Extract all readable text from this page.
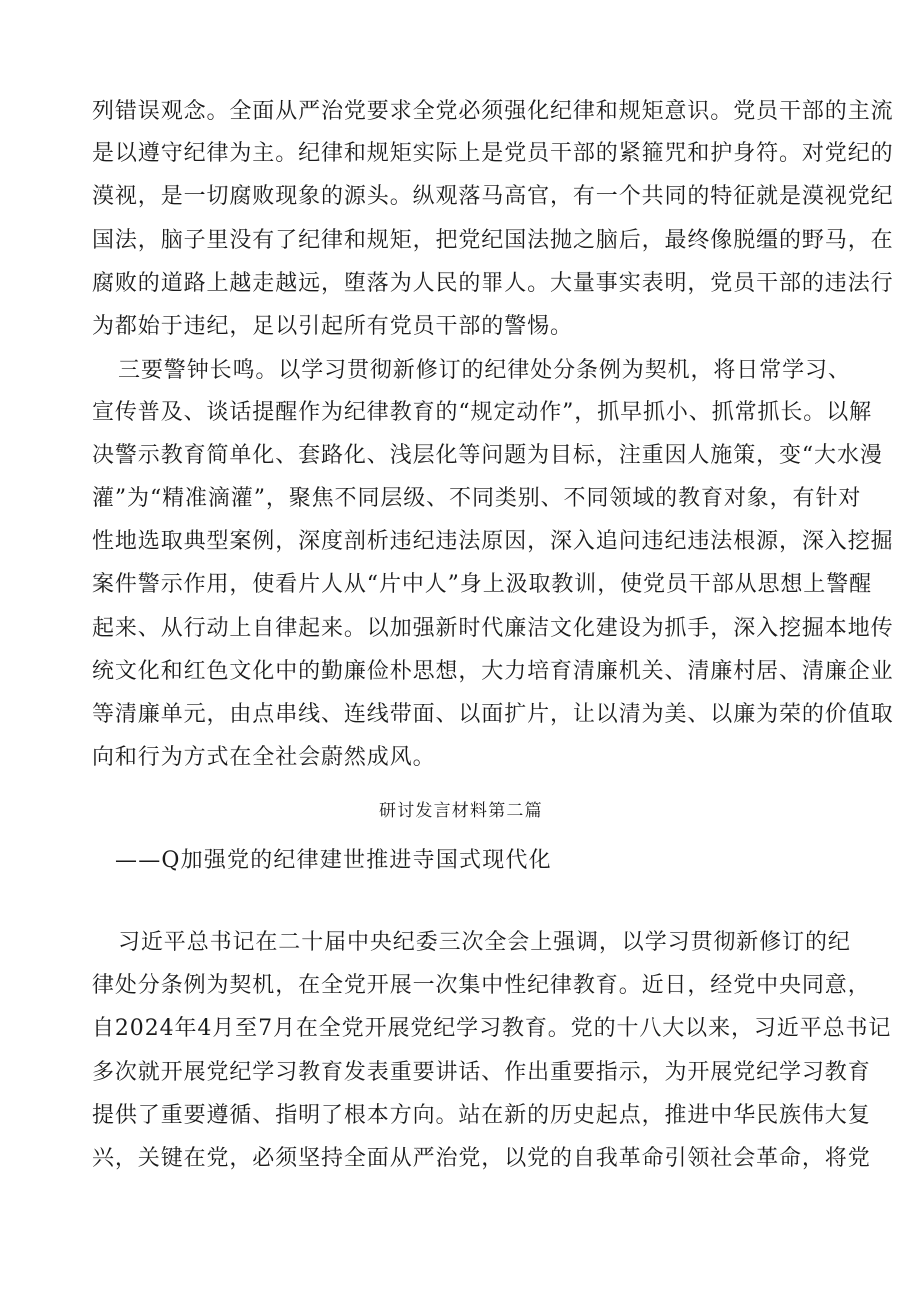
列错误观念。全面从严治党要求全党必须强化纪律和规矩意识。党员干部的主流
是以遵守纪律为主。纪律和规矩实际上是党员干部的紧箍咒和护身符。对党纪的
漠视，是一切腐败现象的源头。纵观落马高官，有一个共同的特征就是漠视党纪
国法，脑子里没有了纪律和规矩，把党纪国法抛之脑后，最终像脱缰的野马，在
腐败的道路上越走越远，堕落为人民的罪人。大量事实表明，党员干部的违法行
为都始于违纪，足以引起所有党员干部的警惕。
三要警钟长鸣。以学习贯彻新修订的纪律处分条例为契机，将日常学习、
宣传普及、谈话提醒作为纪律教育的“规定动作”，抓早抓小、抓常抓长。以解
决警示教育简单化、套路化、浅层化等问题为目标，注重因人施策，变“大水漫
灌”为“精准滴灌”，聚焦不同层级、不同类别、不同领域的教育对象，有针对
性地选取典型案例，深度剖析违纪违法原因，深入追问违纪违法根源，深入挖掘
案件警示作用，使看片人从“片中人”身上汲取教训，使党员干部从思想上警醒
起来、从行动上自律起来。以加强新时代廉洁文化建设为抓手，深入挖掘本地传
统文化和红色文化中的勤廉俭朴思想，大力培育清廉机关、清廉村居、清廉企业
等清廉单元，由点串线、连线带面、以面扩片，让以清为美、以廉为荣的价值取
向和行为方式在全社会蔚然成风。
研讨发言材料第二篇
——Q加强党的纪律建世推进寺国式现代化
习近平总书记在二十届中央纪委三次全会上强调，以学习贯彻新修订的纪
律处分条例为契机，在全党开展一次集中性纪律教育。近日，经党中央同意，
自2024年4月至7月在全党开展党纪学习教育。党的十八大以来，习近平总书记
多次就开展党纪学习教育发表重要讲话、作出重要指示，为开展党纪学习教育
提供了重要遵循、指明了根本方向。站在新的历史起点，推进中华民族伟大复
兴，关键在党，必须坚持全面从严治党，以党的自我革命引领社会革命，将党
